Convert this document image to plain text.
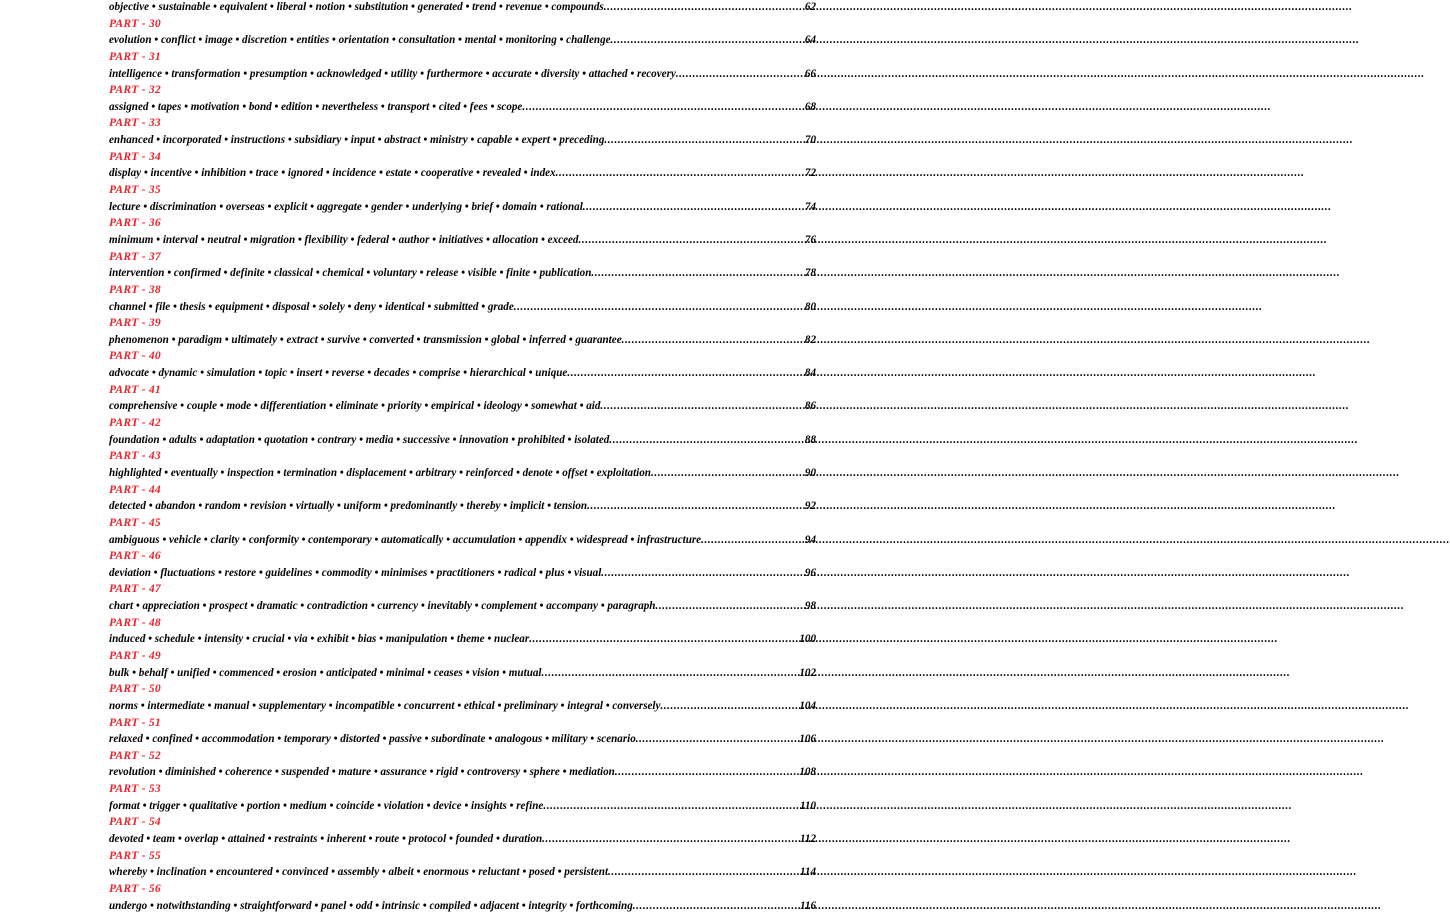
objective • sustainable • equivalent • liberal • notion • substitution • generated • trend • revenue • compounds .....	62
PART - 30
evolution • conflict • image • discretion • entities • orientation • consultation • mental • monitoring • challenge .....	64
PART - 31
intelligence • transformation • presumption • acknowledged • utility • furthermore • accurate • diversity • attached • recovery .....	66
PART - 32
assigned • tapes • motivation • bond • edition • nevertheless • transport • cited • fees • scope .....	68
PART - 33
enhanced • incorporated • instructions • subsidiary • input • abstract • ministry • capable • expert • preceding .....	70
PART - 34
display • incentive • inhibition • trace • ignored • incidence • estate • cooperative • revealed • index .....	72
PART - 35
lecture • discrimination • overseas • explicit • aggregate • gender • underlying • brief • domain • rational .....	74
PART - 36
minimum • interval • neutral • migration • flexibility • federal • author • initiatives • allocation • exceed .....	76
PART - 37
intervention • confirmed • definite • classical • chemical • voluntary • release • visible • finite • publication .....	78
PART - 38
channel • file • thesis • equipment • disposal • solely • deny • identical • submitted • grade .....	80
PART - 39
phenomenon • paradigm • ultimately • extract • survive • converted • transmission • global • inferred • guarantee .....	82
PART - 40
advocate • dynamic • simulation • topic • insert • reverse • decades • comprise • hierarchical • unique .....	84
PART - 41
comprehensive • couple • mode • differentiation • eliminate • priority • empirical • ideology • somewhat • aid .....	86
PART - 42
foundation • adults • adaptation • quotation • contrary • media • successive • innovation • prohibited • isolated .....	88
PART - 43
highlighted • eventually • inspection • termination • displacement • arbitrary • reinforced • denote • offset • exploitation .....	90
PART - 44
detected • abandon • random • revision • virtually • uniform • predominantly • thereby • implicit • tension .....	92
PART - 45
ambiguous • vehicle • clarity • conformity • contemporary • automatically • accumulation • appendix • widespread • infrastructure .....	94
PART - 46
deviation • fluctuations • restore • guidelines • commodity • minimises • practitioners • radical • plus • visual .....	96
PART - 47
chart • appreciation • prospect • dramatic • contradiction • currency • inevitably • complement • accompany • paragraph .....	98
PART - 48
induced • schedule • intensity • crucial • via • exhibit • bias • manipulation • theme • nuclear .....	100
PART - 49
bulk • behalf • unified • commenced • erosion • anticipated • minimal • ceases • vision • mutual .....	102
PART - 50
norms • intermediate • manual • supplementary • incompatible • concurrent • ethical • preliminary • integral • conversely .....	104
PART - 51
relaxed • confined • accommodation • temporary • distorted • passive • subordinate • analogous • military • scenario .....	106
PART - 52
revolution • diminished • coherence • suspended • mature • assurance • rigid • controversy • sphere • mediation .....	108
PART - 53
format • trigger • qualitative • portion • medium • coincide • violation • device • insights • refine .....	110
PART - 54
devoted • team • overlap • attained • restraints • inherent • route • protocol • founded • duration .....	112
PART - 55
whereby • inclination • encountered • convinced • assembly • albeit • enormous • reluctant • posed • persistent .....	114
PART - 56
undergo • notwithstanding • straightforward • panel • odd • intrinsic • compiled • adjacent • integrity • forthcoming .....	116
